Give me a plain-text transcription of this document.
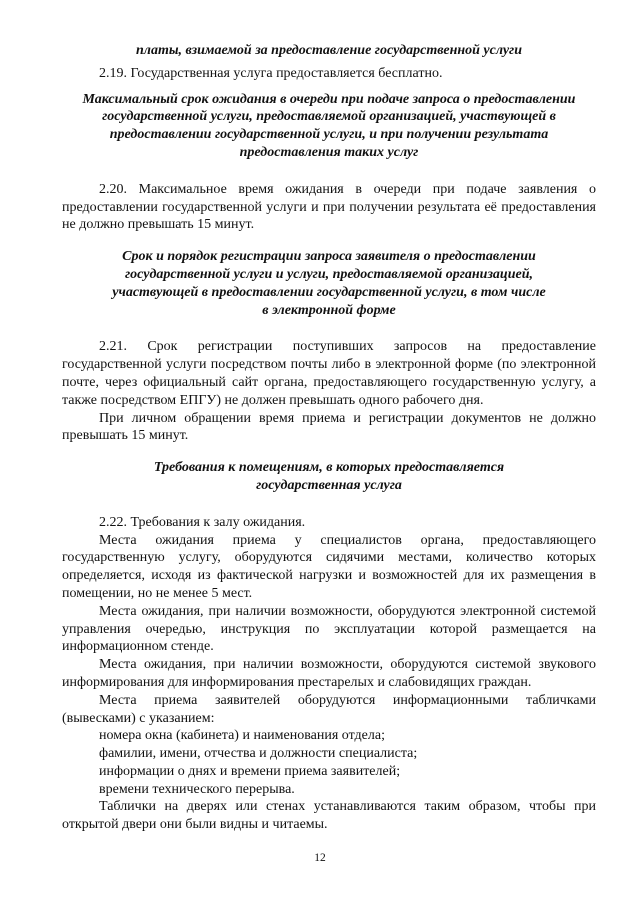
платы, взимаемой за предоставление государственной услуги

2.19. Государственная услуга предоставляется бесплатно.

Максимальный срок ожидания в очереди при подаче запроса о предоставлении
государственной услуги, предоставляемой организацией, участвующей в
предоставлении государственной услуги, и при получении результата
предоставления таких услуг

2.20. Максимальное время ожидания в очереди при подаче заявления о предоставлении государственной услуги и при получении результата её предоставления не должно превышать 15 минут.

Срок и порядок регистрации запроса заявителя о предоставлении
государственной услуги и услуги, предоставляемой организацией,
участвующей в предоставлении государственной услуги, в том числе
в электронной форме

2.21. Срок регистрации поступивших запросов на предоставление государственной услуги посредством почты либо в электронной форме (по электронной почте, через официальный сайт органа, предоставляющего государственную услугу, а также посредством ЕПГУ) не должен превышать одного рабочего дня.

При личном обращении время приема и регистрации документов не должно превышать 15 минут.

Требования к помещениям, в которых предоставляется
государственная услуга

2.22. Требования к залу ожидания.

Места ожидания приема у специалистов органа, предоставляющего государственную услугу, оборудуются сидячими местами, количество которых определяется, исходя из фактической нагрузки и возможностей для их размещения в помещении, но не менее 5 мест.

Места ожидания, при наличии возможности, оборудуются электронной системой управления очередью, инструкция по эксплуатации которой размещается на информационном стенде.

Места ожидания, при наличии возможности, оборудуются системой звукового информирования для информирования престарелых и слабовидящих граждан.

Места приема заявителей оборудуются информационными табличками (вывесками) с указанием:

номера окна (кабинета) и наименования отдела;

фамилии, имени, отчества и должности специалиста;

информации о днях и времени приема заявителей;

времени технического перерыва.

Таблички на дверях или стенах устанавливаются таким образом, чтобы при открытой двери они были видны и читаемы.

12
